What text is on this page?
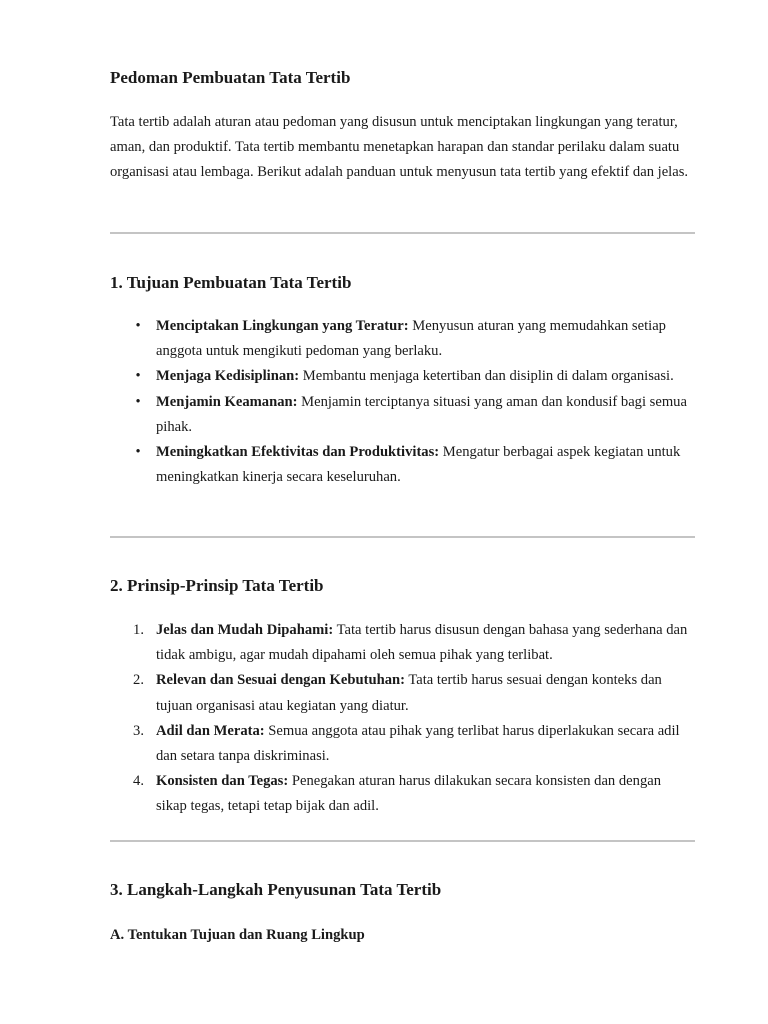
Pedoman Pembuatan Tata Tertib

Tata tertib adalah aturan atau pedoman yang disusun untuk menciptakan lingkungan yang teratur, aman, dan produktif. Tata tertib membantu menetapkan harapan dan standar perilaku dalam suatu organisasi atau lembaga. Berikut adalah panduan untuk menyusun tata tertib yang efektif dan jelas.

1. Tujuan Pembuatan Tata Tertib
•	Menciptakan Lingkungan yang Teratur: Menyusun aturan yang memudahkan setiap anggota untuk mengikuti pedoman yang berlaku.
•	Menjaga Kedisiplinan: Membantu menjaga ketertiban dan disiplin di dalam organisasi.
•	Menjamin Keamanan: Menjamin terciptanya situasi yang aman dan kondusif bagi semua pihak.
•	Meningkatkan Efektivitas dan Produktivitas: Mengatur berbagai aspek kegiatan untuk meningkatkan kinerja secara keseluruhan.
2. Prinsip-Prinsip Tata Tertib
1. Jelas dan Mudah Dipahami: Tata tertib harus disusun dengan bahasa yang sederhana dan tidak ambigu, agar mudah dipahami oleh semua pihak yang terlibat.
2. Relevan dan Sesuai dengan Kebutuhan: Tata tertib harus sesuai dengan konteks dan tujuan organisasi atau kegiatan yang diatur.
3. Adil dan Merata: Semua anggota atau pihak yang terlibat harus diperlakukan secara adil dan setara tanpa diskriminasi.
4. Konsisten dan Tegas: Penegakan aturan harus dilakukan secara konsisten dan dengan sikap tegas, tetapi tetap bijak dan adil.
3. Langkah-Langkah Penyusunan Tata Tertib
A. Tentukan Tujuan dan Ruang Lingkup
